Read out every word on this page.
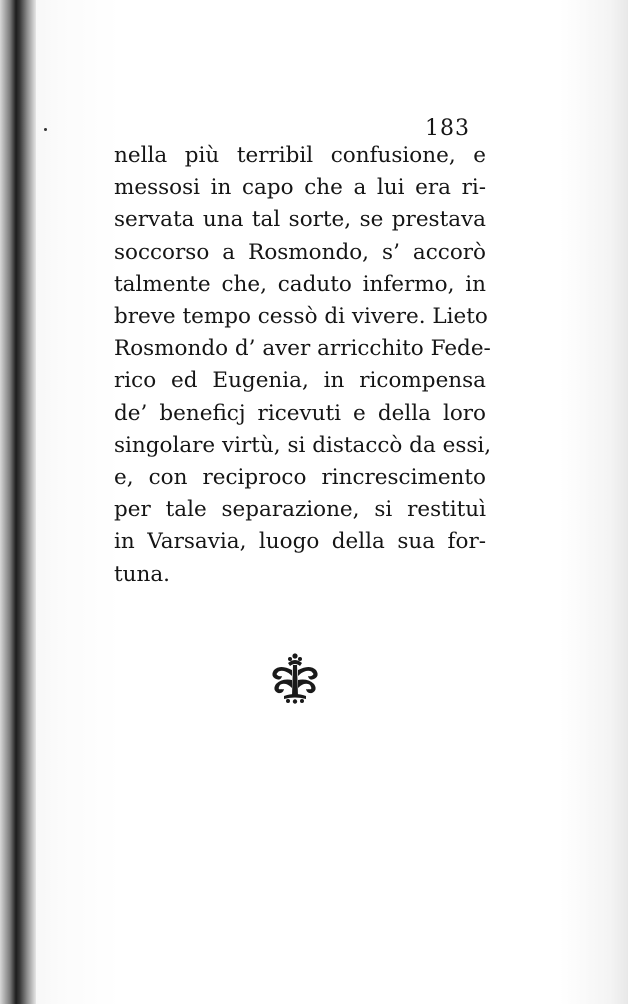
183

nella più terribil confusione, e
messosi in capo che a lui era ri-
servata una tal sorte, se prestava
soccorso a Rosmondo, s’ accorò
talmente che, caduto infermo, in
breve tempo cessò di vivere. Lieto
Rosmondo d’ aver arricchito Fede-
rico ed Eugenia, in ricompensa
de’ beneficj ricevuti e della loro
singolare virtù, si distaccò da essi,
e, con reciproco rincrescimento
per tale separazione, si restituì
in Varsavia, luogo della sua for-
tuna.
